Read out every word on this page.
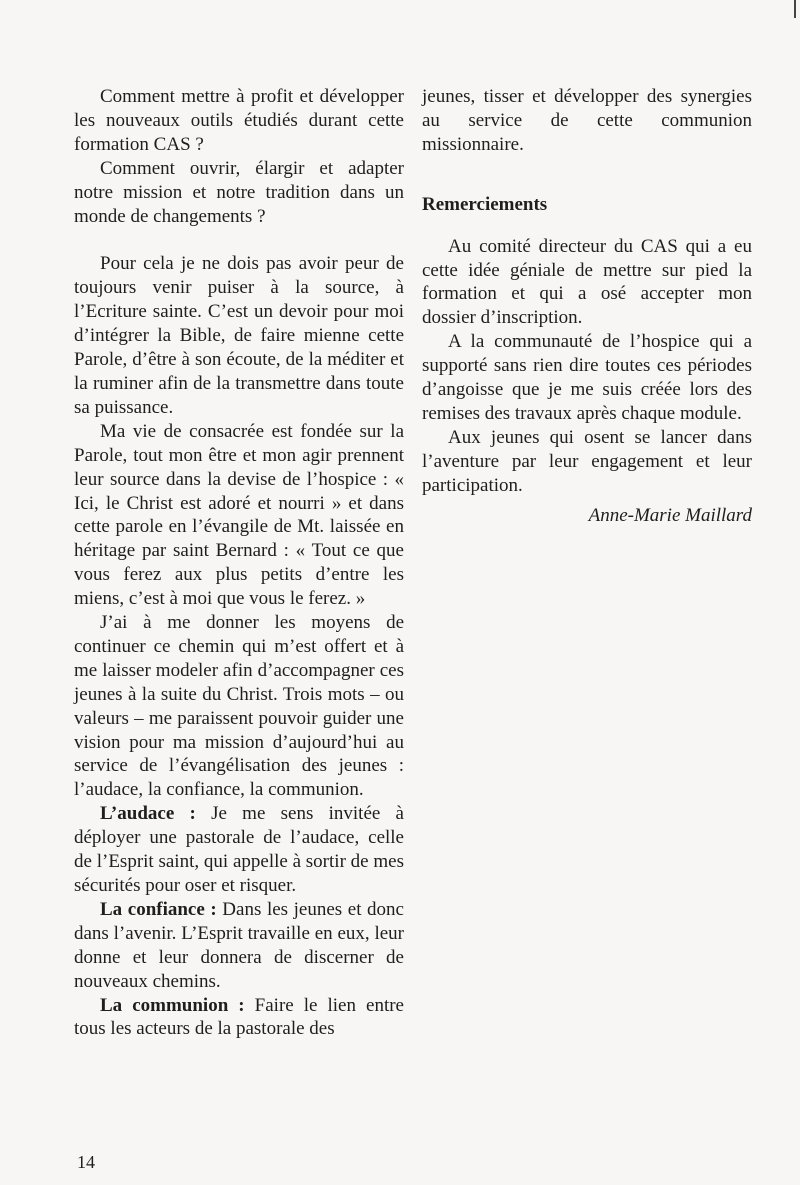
Comment mettre à profit et développer les nouveaux outils étudiés durant cette formation CAS ?

Comment ouvrir, élargir et adapter notre mission et notre tradition dans un monde de changements ?

Pour cela je ne dois pas avoir peur de toujours venir puiser à la source, à l’Ecriture sainte. C’est un devoir pour moi d’intégrer la Bible, de faire mienne cette Parole, d’être à son écoute, de la méditer et la ruminer afin de la transmettre dans toute sa puissance.

Ma vie de consacrée est fondée sur la Parole, tout mon être et mon agir prennent leur source dans la devise de l’hospice : « Ici, le Christ est adoré et nourri » et dans cette parole en l’évangile de Mt. laissée en héritage par saint Bernard : « Tout ce que vous ferez aux plus petits d’entre les miens, c’est à moi que vous le ferez. »

J’ai à me donner les moyens de continuer ce chemin qui m’est offert et à me laisser modeler afin d’accompagner ces jeunes à la suite du Christ. Trois mots – ou valeurs – me paraissent pouvoir guider une vision pour ma mission d’aujourd’hui au service de l’évangélisation des jeunes : l’audace, la confiance, la communion.

L’audace : Je me sens invitée à déployer une pastorale de l’audace, celle de l’Esprit saint, qui appelle à sortir de mes sécurités pour oser et risquer.

La confiance : Dans les jeunes et donc dans l’avenir. L’Esprit travaille en eux, leur donne et leur donnera de discerner de nouveaux chemins.

La communion : Faire le lien entre tous les acteurs de la pastorale des

jeunes, tisser et développer des synergies au service de cette communion missionnaire.

Remerciements

Au comité directeur du CAS qui a eu cette idée géniale de mettre sur pied la formation et qui a osé accepter mon dossier d’inscription.

A la communauté de l’hospice qui a supporté sans rien dire toutes ces périodes d’angoisse que je me suis créée lors des remises des travaux après chaque module.

Aux jeunes qui osent se lancer dans l’aventure par leur engagement et leur participation.

Anne-Marie Maillard
14
